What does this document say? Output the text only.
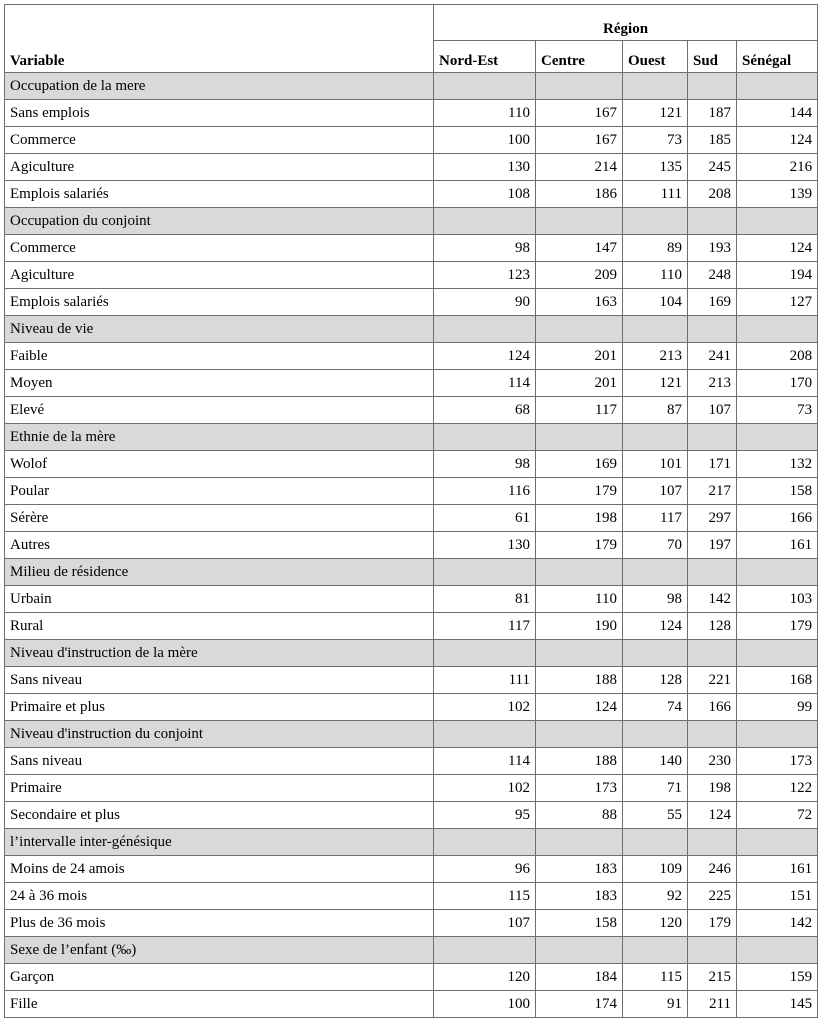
Variable	Région				
	Nord-Est	Centre	Ouest	Sud	Sénégal
Occupation de la mere					
Sans emplois	110	167	121	187	144
Commerce	100	167	73	185	124
Agiculture	130	214	135	245	216
Emplois salariés	108	186	111	208	139
Occupation du conjoint					
Commerce	98	147	89	193	124
Agiculture	123	209	110	248	194
Emplois salariés	90	163	104	169	127
Niveau de vie					
Faible	124	201	213	241	208
Moyen	114	201	121	213	170
Elevé	68	117	87	107	73
Ethnie de la mère					
Wolof	98	169	101	171	132
Poular	116	179	107	217	158
Sérère	61	198	117	297	166
Autres	130	179	70	197	161
Milieu de résidence					
Urbain	81	110	98	142	103
Rural	117	190	124	128	179
Niveau d'instruction de la mère					
Sans niveau	111	188	128	221	168
Primaire et plus	102	124	74	166	99
Niveau d'instruction du conjoint					
Sans niveau	114	188	140	230	173
Primaire	102	173	71	198	122
Secondaire et plus	95	88	55	124	72
l’intervalle inter-génésique					
Moins de 24 amois	96	183	109	246	161
24 à 36 mois	115	183	92	225	151
Plus de 36 mois	107	158	120	179	142
Sexe de l’enfant (‰)					
Garçon	120	184	115	215	159
Fille	100	174	91	211	145
